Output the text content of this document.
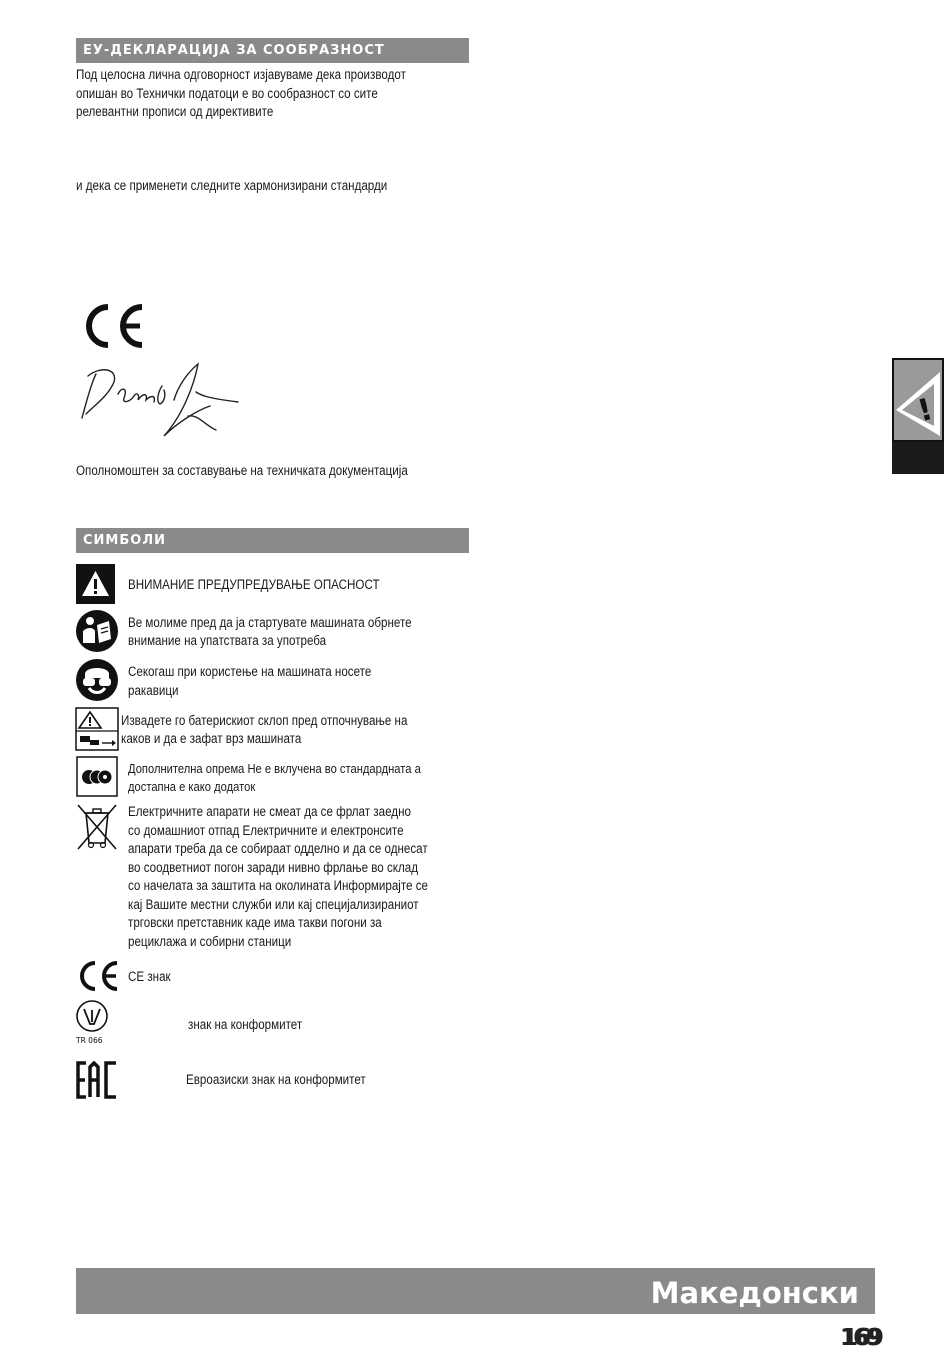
ЕУ-ДЕКЛАРАЦИЈА ЗА СООБРАЗНОСТ
Под целосна лична одговорност изјавуваме дека производот
опишан во Технички податоци е во сообразност со сите
релевантни прописи од директивите
и дека се применети следните хармонизирани стандарди
Ополномоштен за составување на техничката документација
СИМБОЛИ
ВНИМАНИЕ ПРЕДУПРЕДУВАЊЕ ОПАСНОСТ
Ве молиме пред да ја стартувате машината обрнете
внимание на упатствата за употреба
Секогаш при користење на машината носете
ракавици
Извадете го батерискиот склоп пред отпочнување на
каков и да е зафат врз машината
Дополнителна опрема Не е вклучена во стандардната а
достапна е како додаток
Електричните апарати не смеат да се фрлат заедно
со домашниот отпад Електричните и електронсите
апарати треба да се собираат одделно и да се однесат
во соодветниот погон заради нивно фрлање во склад
со начелата за заштита на околината Информирајте се
кај Вашите местни служби или кај специјализираниот
трговски претставник каде има такви погони за
рециклажа и собирни станици
CE знак
TR 066
знак на конформитет
Евроазиски знак на конформитет
!
Македонски
169
